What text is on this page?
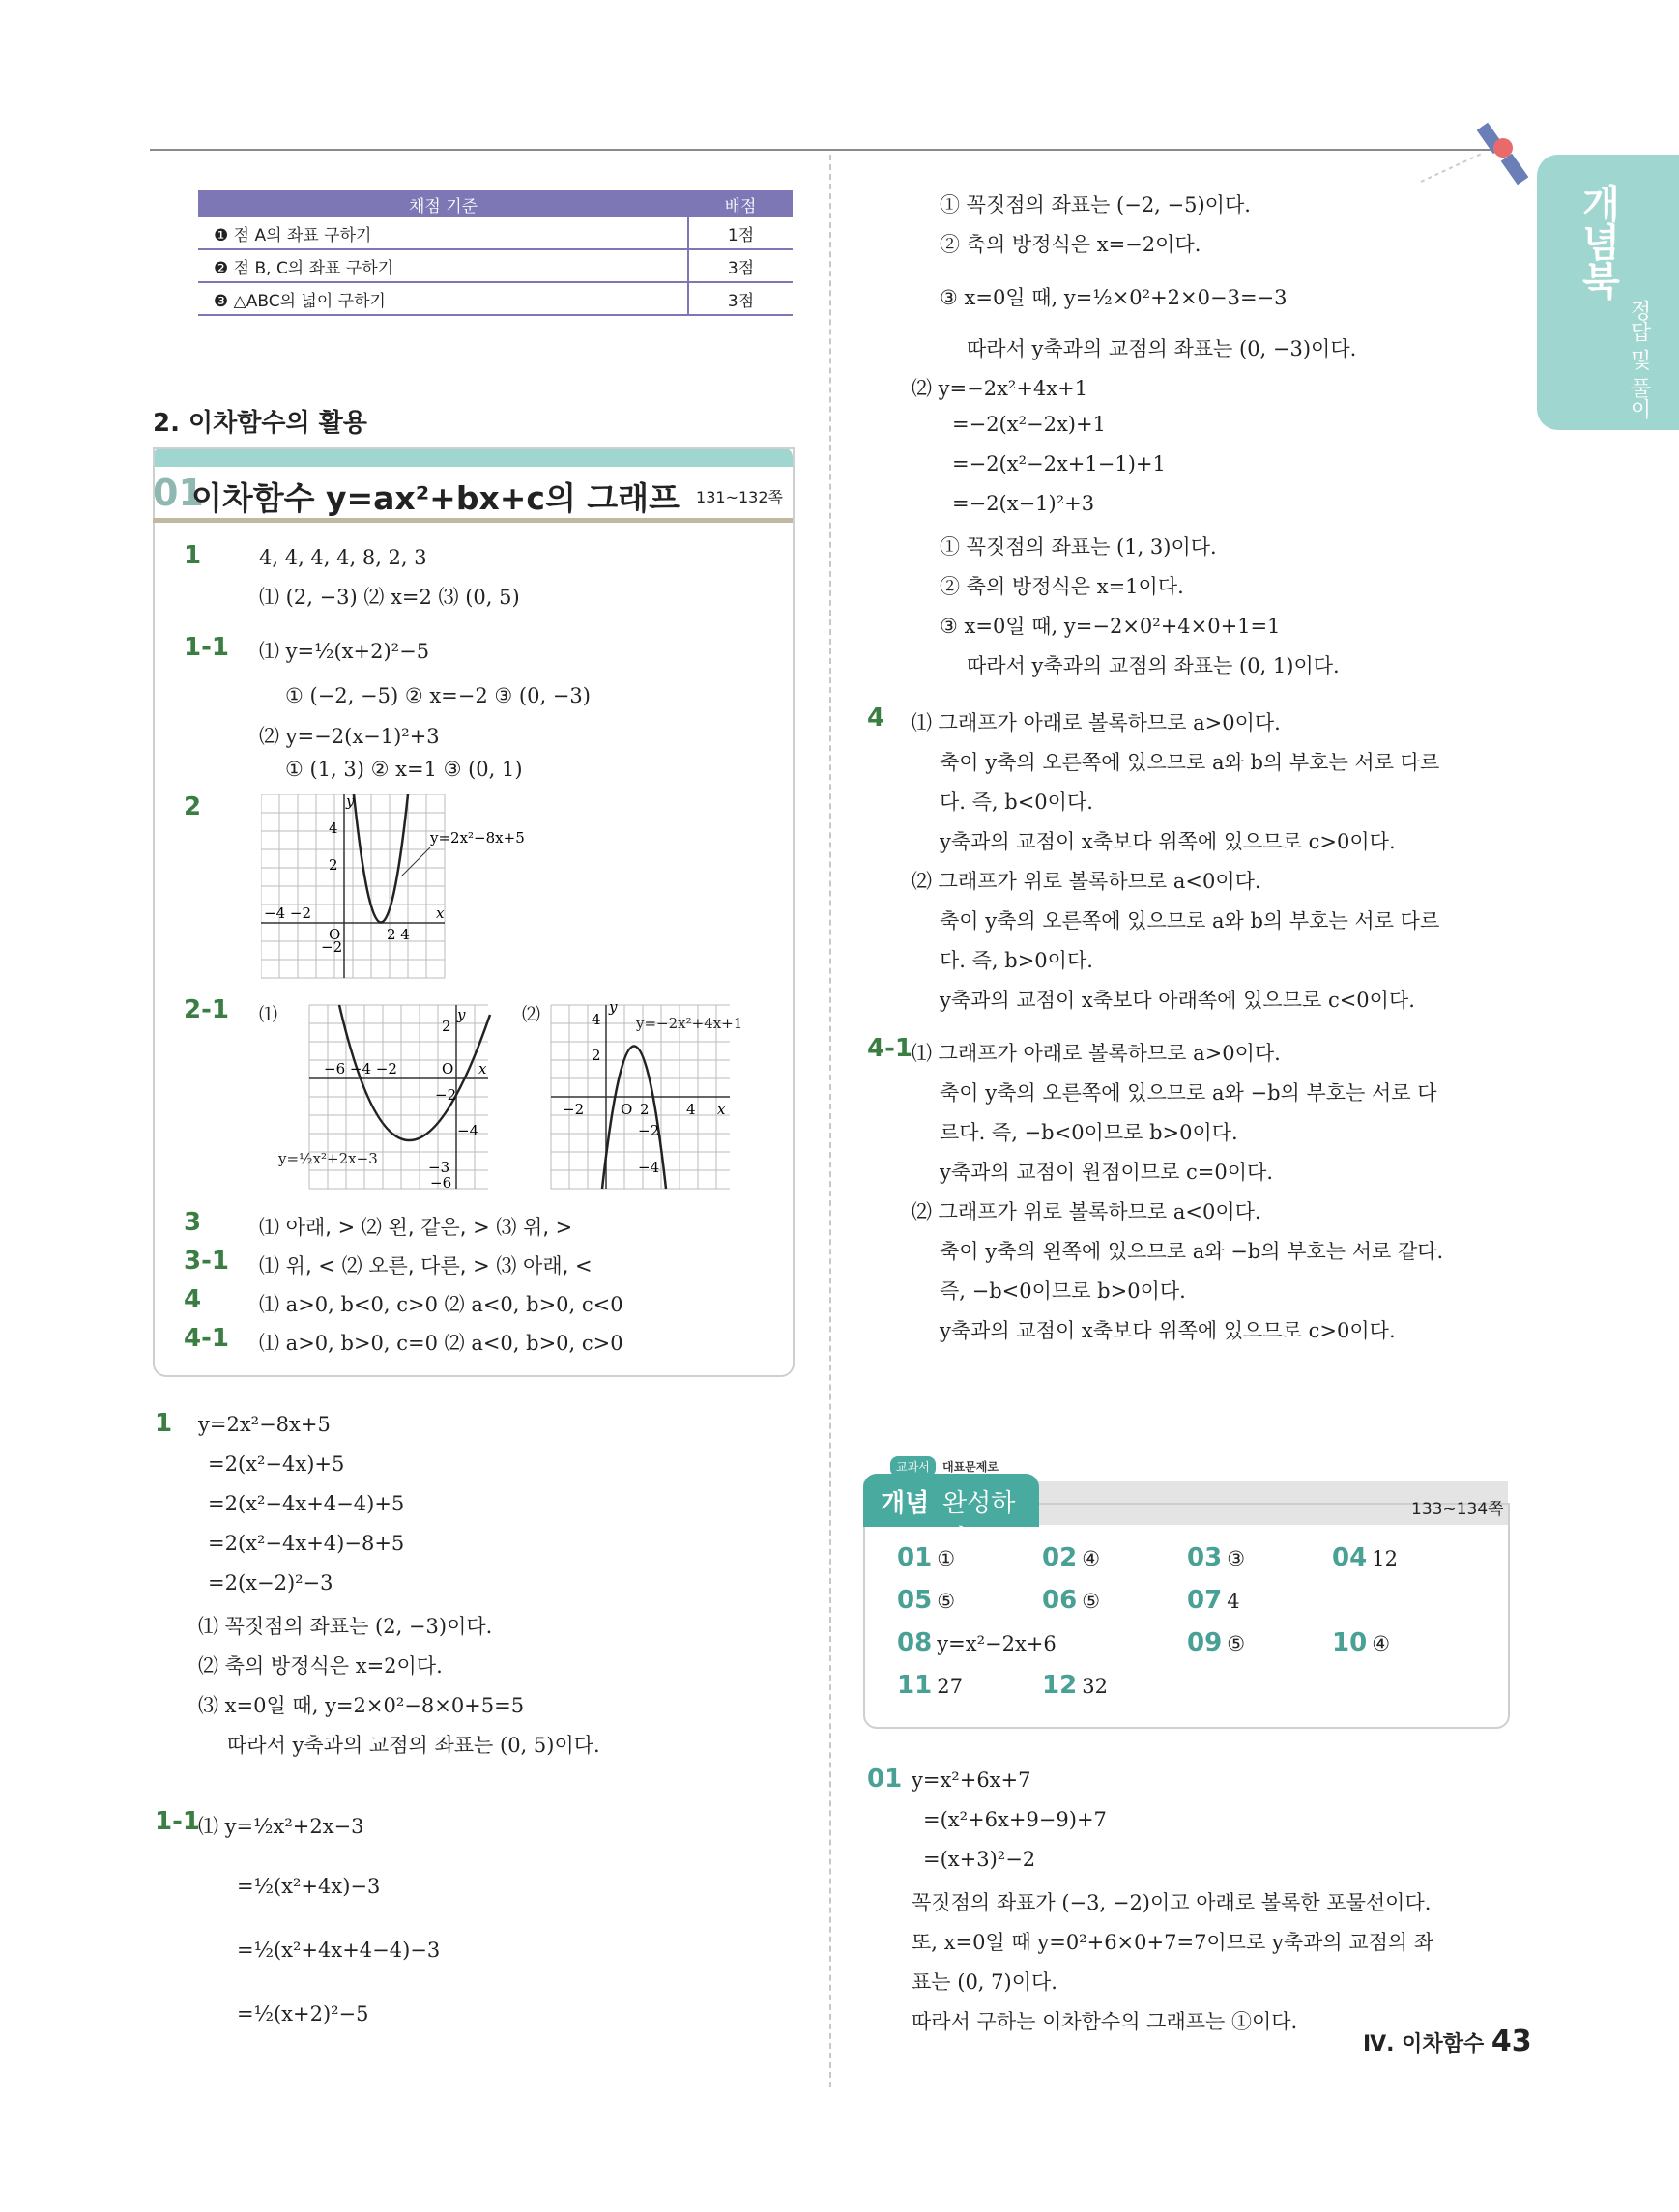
개념북
정답 및 풀이
채점 기준	배점
❶ 점 A의 좌표 구하기	1점
❷ 점 B, C의 좌표 구하기	3점
❸ △ABC의 넓이 구하기	3점
2. 이차함수의 활용
01
이차함수 y=ax²+bx+c의 그래프 131~132쪽
1	4, 4, 4, 4, 8, 2, 3
⑴ (2, −3) ⑵ x=2 ⑶ (0, 5)
1-1 ⑴ y=½(x+2)²−5
① (−2, −5) ② x=−2 ③ (0, −3)
⑵ y=−2(x−1)²+3
① (1, 3) ② x=1 ③ (0, 1)
2
−4 −2
O	2 4
x
y
4
2
−2
y=2x²−8x+5
2-1 ⑴	⑵
−6 −4 −2	O x
y
2
−2
−4
−3
−6
y=½x²+2x−3
−2	O 2	4 x
y
4
2
−2
−4
y=−2x²+4x+1
3	⑴ 아래, > ⑵ 왼, 같은, > ⑶ 위, >
3-1 ⑴ 위, < ⑵ 오른, 다른, > ⑶ 아래, <
4	⑴ a>0, b<0, c>0 ⑵ a<0, b>0, c<0
4-1 ⑴ a>0, b>0, c=0 ⑵ a<0, b>0, c>0
1 y=2x²−8x+5
=2(x²−4x)+5
=2(x²−4x+4−4)+5
=2(x²−4x+4)−8+5
=2(x−2)²−3
⑴ 꼭짓점의 좌표는 (2, −3)이다.
⑵ 축의 방정식은 x=2이다.
⑶ x=0일 때, y=2×0²−8×0+5=5
따라서 y축과의 교점의 좌표는 (0, 5)이다.
1-1
⑴ y=½x²+2x−3
=½(x²+4x)−3
=½(x²+4x+4−4)−3
=½(x+2)²−5
① 꼭짓점의 좌표는 (−2, −5)이다.
② 축의 방정식은 x=−2이다.
③ x=0일 때, y=½×0²+2×0−3=−3
따라서 y축과의 교점의 좌표는 (0, −3)이다.
⑵ y=−2x²+4x+1
=−2(x²−2x)+1
=−2(x²−2x+1−1)+1
=−2(x−1)²+3
① 꼭짓점의 좌표는 (1, 3)이다.
② 축의 방정식은 x=1이다.
③ x=0일 때, y=−2×0²+4×0+1=1
따라서 y축과의 교점의 좌표는 (0, 1)이다.
4 ⑴ 그래프가 아래로 볼록하므로 a>0이다.
축이 y축의 오른쪽에 있으므로 a와 b의 부호는 서로 다르
다. 즉, b<0이다.
y축과의 교점이 x축보다 위쪽에 있으므로 c>0이다.
⑵ 그래프가 위로 볼록하므로 a<0이다.
축이 y축의 오른쪽에 있으므로 a와 b의 부호는 서로 다르
다. 즉, b>0이다.
y축과의 교점이 x축보다 아래쪽에 있으므로 c<0이다.
4-1 ⑴ 그래프가 아래로 볼록하므로 a>0이다.
축이 y축의 오른쪽에 있으므로 a와 −b의 부호는 서로 다
르다. 즉, −b<0이므로 b>0이다.
y축과의 교점이 원점이므로 c=0이다.
⑵ 그래프가 위로 볼록하므로 a<0이다.
축이 y축의 왼쪽에 있으므로 a와 −b의 부호는 서로 같다.
즉, −b<0이므로 b>0이다.
y축과의 교점이 x축보다 위쪽에 있으므로 c>0이다.
교과서	대표문제로
개념 완성하기
133~134쪽
01 ①	02 ④	03 ③	04 12
05 ⑤	06 ⑤	07 4
08 y=x²−2x+6	09 ⑤	10 ④
11 27	12 32
01 y=x²+6x+7
=(x²+6x+9−9)+7
=(x+3)²−2
꼭짓점의 좌표가 (−3, −2)이고 아래로 볼록한 포물선이다.
또, x=0일 때 y=0²+6×0+7=7이므로 y축과의 교점의 좌
표는 (0, 7)이다.
따라서 구하는 이차함수의 그래프는 ①이다.
Ⅳ. 이차함수 43
